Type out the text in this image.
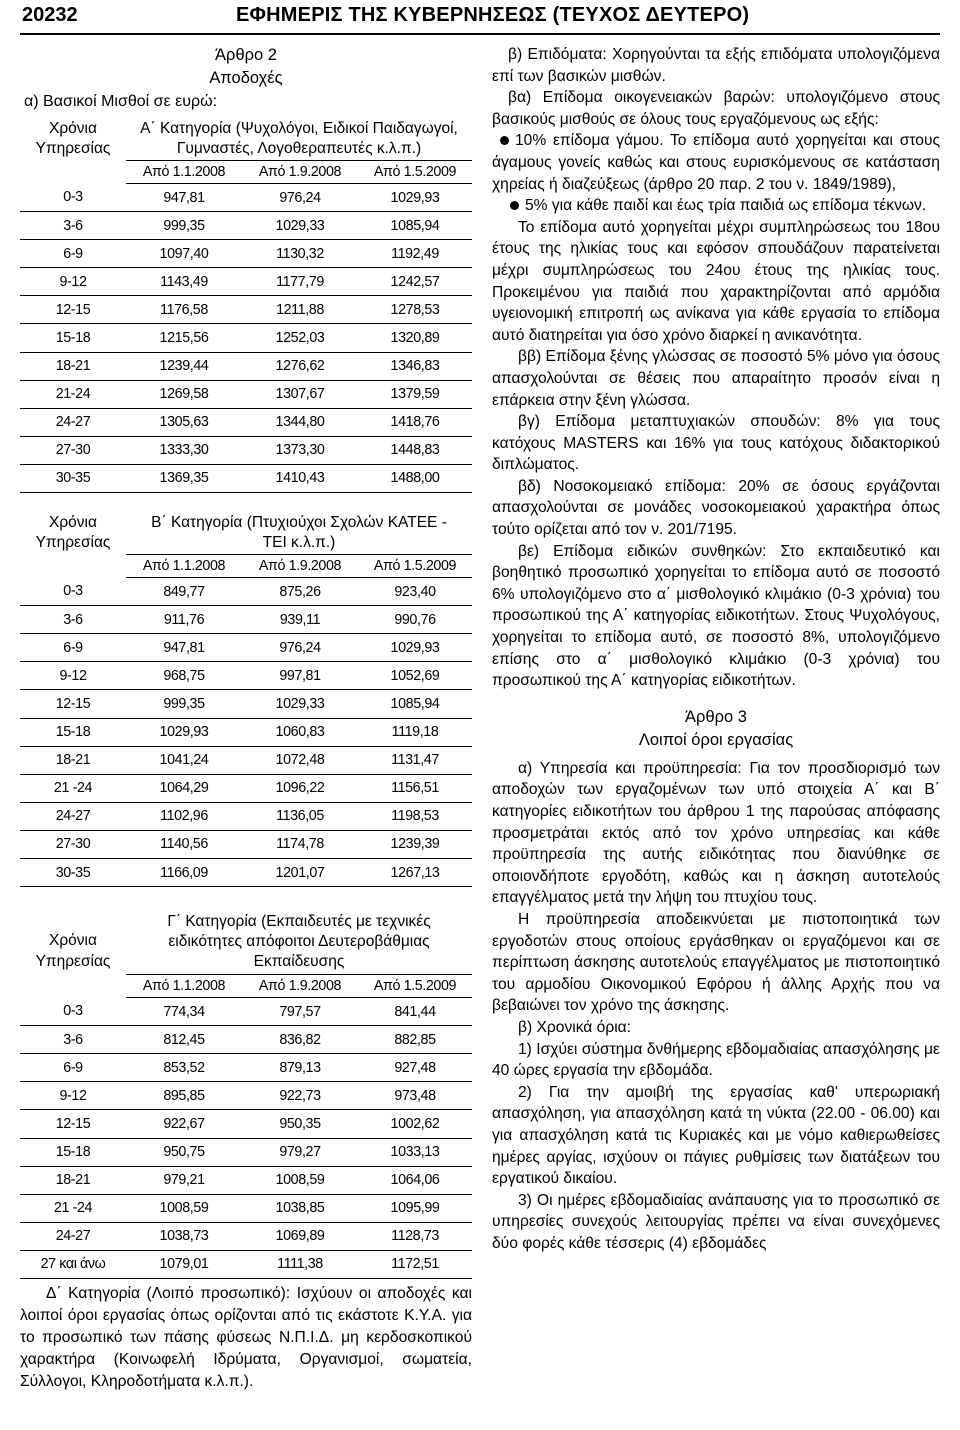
20232	ΕΦΗΜΕΡΙΣ ΤΗΣ ΚΥΒΕΡΝΗΣΕΩΣ (ΤΕΥΧΟΣ ΔΕΥΤΕΡΟ)
Άρθρο 2
Αποδοχές
α) Βασικοί Μισθοί σε ευρώ:
Χρόνια
Υπηρεσίας
Α΄ Κατηγορία (Ψυχολόγοι, Ειδικοί Παιδαγωγοί,
Γυμναστές, Λογοθεραπευτές κ.λ.π.)
	Από 1.1.2008	Από 1.9.2008	Από 1.5.2009
0-3	947,81	976,24	1029,93
3-6	999,35	1029,33	1085,94
6-9	1097,40	1130,32	1192,49
9-12	1143,49	1177,79	1242,57
12-15	1176,58	1211,88	1278,53
15-18	1215,56	1252,03	1320,89
18-21	1239,44	1276,62	1346,83
21-24	1269,58	1307,67	1379,59
24-27	1305,63	1344,80	1418,76
27-30	1333,30	1373,30	1448,83
30-35	1369,35	1410,43	1488,00
Χρόνια
Υπηρεσίας
Β΄ Κατηγορία (Πτυχιούχοι Σχολών ΚΑΤΕΕ -
ΤΕΙ κ.λ.π.)
	Από 1.1.2008	Από 1.9.2008	Από 1.5.2009
0-3	849,77	875,26	923,40
3-6	911,76	939,11	990,76
6-9	947,81	976,24	1029,93
9-12	968,75	997,81	1052,69
12-15	999,35	1029,33	1085,94
15-18	1029,93	1060,83	1119,18
18-21	1041,24	1072,48	1131,47
21 -24	1064,29	1096,22	1156,51
24-27	1102,96	1136,05	1198,53
27-30	1140,56	1174,78	1239,39
30-35	1166,09	1201,07	1267,13
Χρόνια
Υπηρεσίας
Γ΄ Κατηγορία (Εκπαιδευτές με τεχνικές
ειδικότητες απόφοιτοι Δευτεροβάθμιας
Εκπαίδευσης
	Από 1.1.2008	Από 1.9.2008	Από 1.5.2009
0-3	774,34	797,57	841,44
3-6	812,45	836,82	882,85
6-9	853,52	879,13	927,48
9-12	895,85	922,73	973,48
12-15	922,67	950,35	1002,62
15-18	950,75	979,27	1033,13
18-21	979,21	1008,59	1064,06
21 -24	1008,59	1038,85	1095,99
24-27	1038,73	1069,89	1128,73
27 και άνω	1079,01	1111,38	1172,51

Δ΄ Κατηγορία (Λοιπό προσωπικό): Ισχύουν οι αποδοχές και λοιποί όροι εργασίας όπως ορίζονται από τις εκάστοτε Κ.Υ.Α. για το προσωπικό των πάσης φύσεως Ν.Π.Ι.Δ. μη κερδοσκοπικού χαρακτήρα (Κοινωφελή Ιδρύματα, Οργανισμοί, σωματεία, Σύλλογοι, Κληροδοτήματα κ.λ.π.).

β) Επιδόματα: Χορηγούνται τα εξής επιδόματα υπολογιζόμενα επί των βασικών μισθών.

βα) Επίδομα οικογενειακών βαρών: υπολογιζόμενο στους βασικούς μισθούς σε όλους τους εργαζόμενους ως εξής:

10% επίδομα γάμου. Το επίδομα αυτό χορηγείται και στους άγαμους γονείς καθώς και στους ευρισκόμενους σε κατάσταση χηρείας ή διαζεύξεως (άρθρο 20 παρ. 2 του ν. 1849/1989),

5% για κάθε παιδί και έως τρία παιδιά ως επίδομα τέκνων.

Το επίδομα αυτό χορηγείται μέχρι συμπληρώσεως του 18ου έτους της ηλικίας τους και εφόσον σπουδάζουν παρατείνεται μέχρι συμπληρώσεως του 24ου έτους της ηλικίας τους. Προκειμένου για παιδιά που χαρακτηρίζονται από αρμόδια υγειονομική επιτροπή ως ανίκανα για κάθε εργασία το επίδομα αυτό διατηρείται για όσο χρόνο διαρκεί η ανικανότητα.

ββ) Επίδομα ξένης γλώσσας σε ποσοστό 5% μόνο για όσους απασχολούνται σε θέσεις που απαραίτητο προσόν είναι η επάρκεια στην ξένη γλώσσα.

βγ) Επίδομα μεταπτυχιακών σπουδών: 8% για τους κατόχους MASTERS και 16% για τους κατόχους διδακτορικού διπλώματος.

βδ) Νοσοκομειακό επίδομα: 20% σε όσους εργάζονται απασχολούνται σε μονάδες νοσοκομειακού χαρακτήρα όπως τούτο ορίζεται από τον ν. 201/7195.

βε) Επίδομα ειδικών συνθηκών: Στο εκπαιδευτικό και βοηθητικό προσωπικό χορηγείται το επίδομα αυτό σε ποσοστό 6% υπολογιζόμενο στο α΄ μισθολογικό κλιμάκιο (0-3 χρόνια) του προσωπικού της Α΄ κατηγορίας ειδικοτήτων. Στους Ψυχολόγους, χορηγείται το επίδομα αυτό, σε ποσοστό 8%, υπολογιζόμενο επίσης στο α΄ μισθολογικό κλιμάκιο (0-3 χρόνια) του προσωπικού της Α΄ κατηγορίας ειδικοτήτων.

Άρθρο 3
Λοιποί όροι εργασίας

α) Υπηρεσία και προϋπηρεσία: Για τον προσδιορισμό των αποδοχών των εργαζομένων των υπό στοιχεία Α΄ και Β΄ κατηγορίες ειδικοτήτων του άρθρου 1 της παρούσας απόφασης προσμετράται εκτός από τον χρόνο υπηρεσίας και κάθε προϋπηρεσία της αυτής ειδικότητας που διανύθηκε σε οποιονδήποτε εργοδότη, καθώς και η άσκηση αυτοτελούς επαγγέλματος μετά την λήψη του πτυχίου τους.

Η προϋπηρεσία αποδεικνύεται με πιστοποιητικά των εργοδοτών στους οποίους εργάσθηκαν οι εργαζόμενοι και σε περίπτωση άσκησης αυτοτελούς επαγγέλματος με πιστοποιητικό του αρμοδίου Οικονομικού Εφόρου ή άλλης Αρχής που να βεβαιώνει τον χρόνο της άσκησης.

β) Χρονικά όρια:

1) Ισχύει σύστημα δνθήμερης εβδομαδιαίας απασχόλησης με 40 ώρες εργασία την εβδομάδα.

2) Για την αμοιβή της εργασίας καθ' υπερωριακή απασχόληση, για απασχόληση κατά τη νύκτα (22.00 - 06.00) και για απασχόληση κατά τις Κυριακές και με νόμο καθιερωθείσες ημέρες αργίας, ισχύουν οι πάγιες ρυθμίσεις των διατάξεων του εργατικού δικαίου.

3) Οι ημέρες εβδομαδιαίας ανάπαυσης για το προσωπικό σε υπηρεσίες συνεχούς λειτουργίας πρέπει να είναι συνεχόμενες δύο φορές κάθε τέσσερις (4) εβδομάδες
